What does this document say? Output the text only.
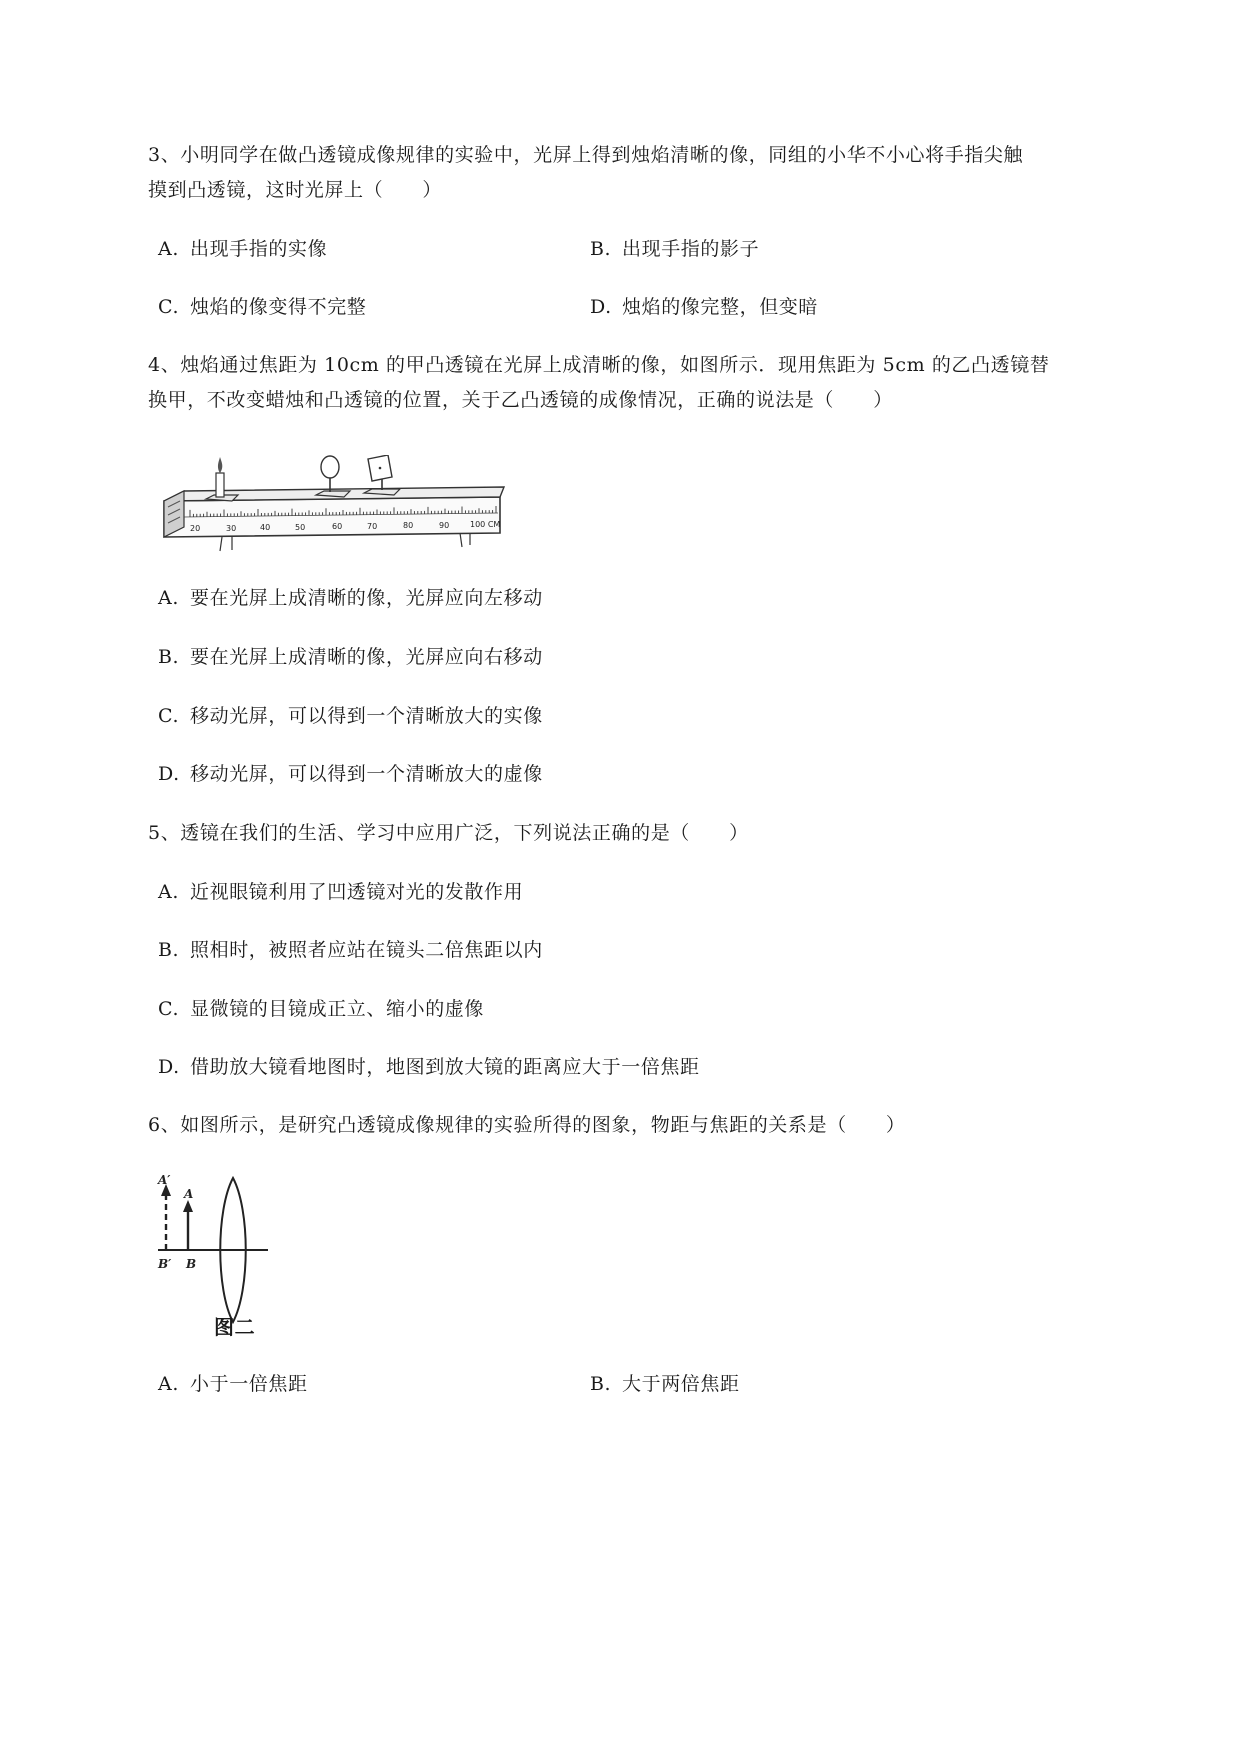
3、小明同学在做凸透镜成像规律的实验中，光屏上得到烛焰清晰的像，同组的小华不小心将手指尖触
摸到凸透镜，这时光屏上（　　）
A. 出现手指的实像	B. 出现手指的影子
C. 烛焰的像变得不完整	D. 烛焰的像完整，但变暗
4、烛焰通过焦距为 10cm 的甲凸透镜在光屏上成清晰的像，如图所示．现用焦距为 5cm 的乙凸透镜替
换甲，不改变蜡烛和凸透镜的位置，关于乙凸透镜的成像情况，正确的说法是（　　）
20	30	40	50	60	70	80	90	100 CM
A. 要在光屏上成清晰的像，光屏应向左移动
B. 要在光屏上成清晰的像，光屏应向右移动
C. 移动光屏，可以得到一个清晰放大的实像
D. 移动光屏，可以得到一个清晰放大的虚像
5、透镜在我们的生活、学习中应用广泛，下列说法正确的是（　　）
A. 近视眼镜利用了凹透镜对光的发散作用
B. 照相时，被照者应站在镜头二倍焦距以内
C. 显微镜的目镜成正立、缩小的虚像
D. 借助放大镜看地图时，地图到放大镜的距离应大于一倍焦距
6、如图所示，是研究凸透镜成像规律的实验所得的图象，物距与焦距的关系是（　　）
A′
A
B′ B
图二
A. 小于一倍焦距	B. 大于两倍焦距
